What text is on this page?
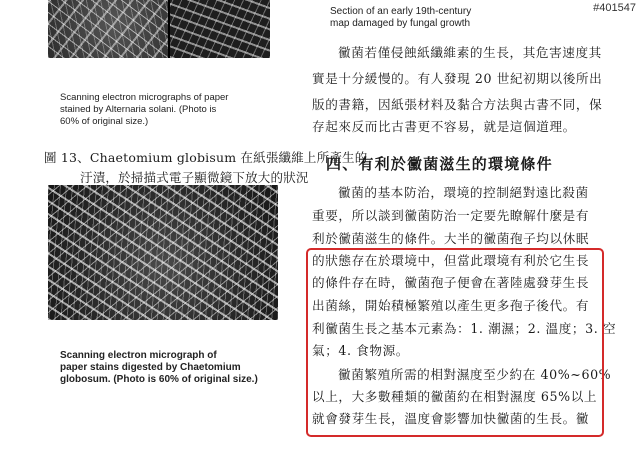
#401547
Scanning electron micrographs of paper
stained by Alternaria solani. (Photo is
60% of original size.)
圖 13、Chaetomium globisum 在紙張纖維上所產生的
汙漬，於掃描式電子顯微鏡下放大的狀況
Scanning electron micrograph of
paper stains digested by Chaetomium
globosum. (Photo is 60% of original size.)
Section of an early 19th-century
map damaged by fungal growth
黴菌若僅侵蝕紙纖維素的生長，其危害速度其
實是十分緩慢的。有人發現 20 世紀初期以後所出
版的書籍，因紙張材料及黏合方法與古書不同，保
存起來反而比古書更不容易，就是這個道理。
四、有利於黴菌滋生的環境條件
黴菌的基本防治，環境的控制絕對遠比殺菌
重要，所以談到黴菌防治一定要先瞭解什麼是有
利於黴菌滋生的條件。大半的黴菌孢子均以休眠
的狀態存在於環境中，但當此環境有利於它生長
的條件存在時，黴菌孢子便會在著陸處發芽生長
出菌絲，開始積極繁殖以產生更多孢子後代。有
利黴菌生長之基本元素為：1. 潮濕；2. 溫度；3. 空
氣；4. 食物源。
黴菌繁殖所需的相對濕度至少約在 40%~60%
以上，大多數種類的黴菌約在相對濕度 65%以上
就會發芽生長，溫度會影響加快黴菌的生長。黴
